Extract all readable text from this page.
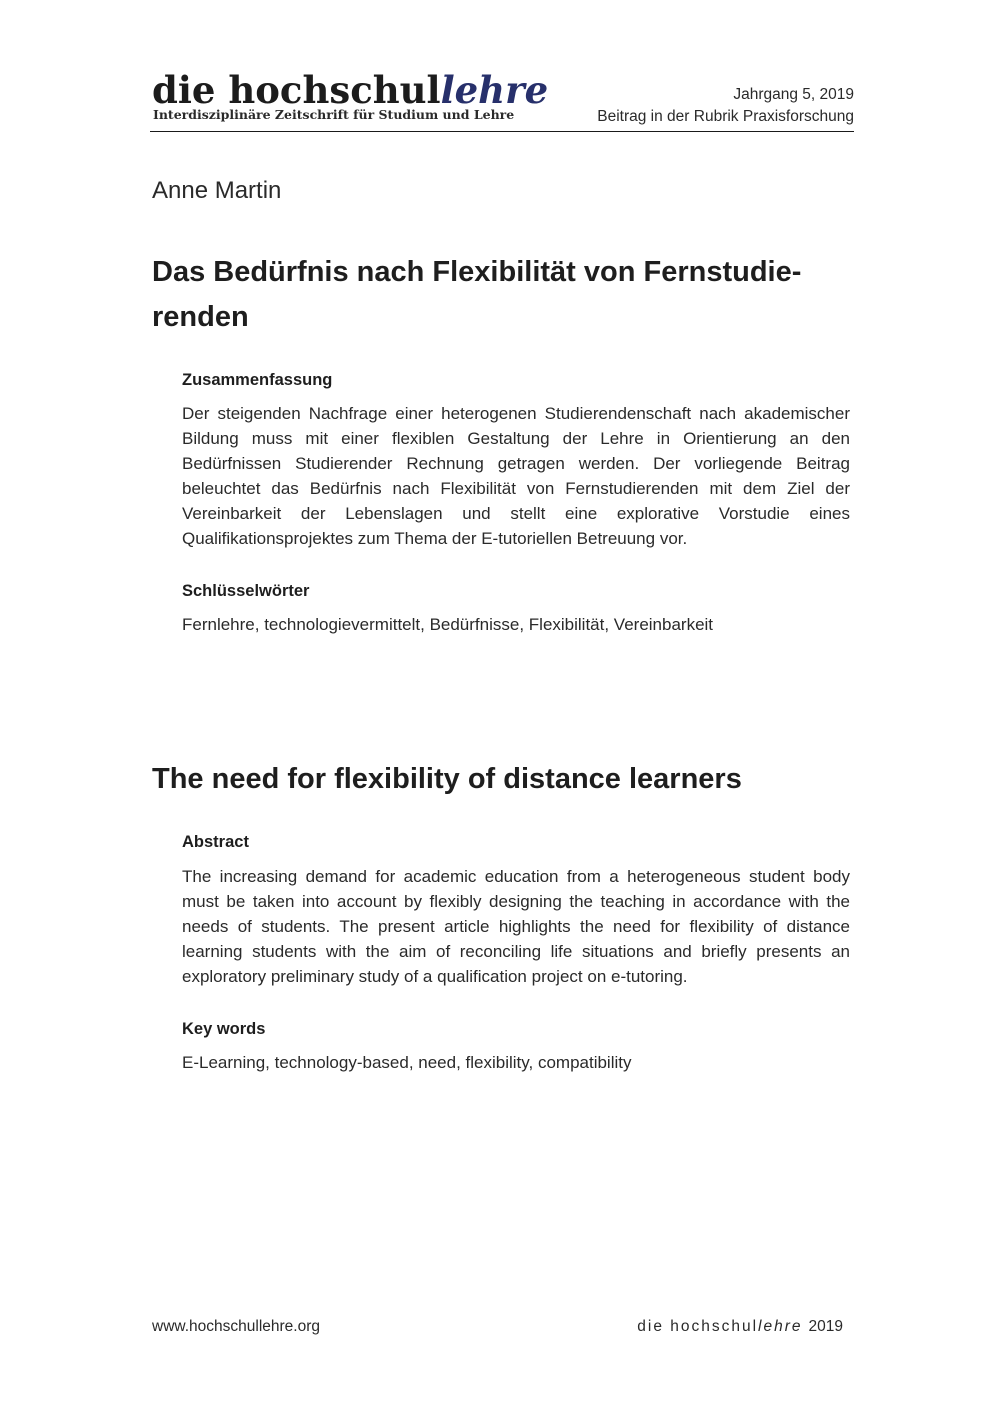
die hochschullehre
Interdisziplinäre Zeitschrift für Studium und Lehre
Jahrgang 5, 2019
Beitrag in der Rubrik Praxisforschung
Anne Martin
Das Bedürfnis nach Flexibilität von Fernstudie-
renden
Zusammenfassung
Der steigenden Nachfrage einer heterogenen Studierendenschaft nach akademischer
Bildung muss mit einer flexiblen Gestaltung der Lehre in Orientierung an den
Bedürfnissen Studierender Rechnung getragen werden. Der vorliegende Beitrag
beleuchtet das Bedürfnis nach Flexibilität von Fernstudierenden mit dem Ziel der
Vereinbarkeit der Lebenslagen und stellt eine explorative Vorstudie eines
Qualifikationsprojektes zum Thema der E-tutoriellen Betreuung vor.
Schlüsselwörter
Fernlehre, technologievermittelt, Bedürfnisse, Flexibilität, Vereinbarkeit
The need for flexibility of distance learners
Abstract
The increasing demand for academic education from a heterogeneous student body
must be taken into account by flexibly designing the teaching in accordance with the
needs of students. The present article highlights the need for flexibility of distance
learning students with the aim of reconciling life situations and briefly presents an
exploratory preliminary study of a qualification project on e-tutoring.
Key words
E-Learning, technology-based, need, flexibility, compatibility
www.hochschullehre.org	die hochschullehre 2019
